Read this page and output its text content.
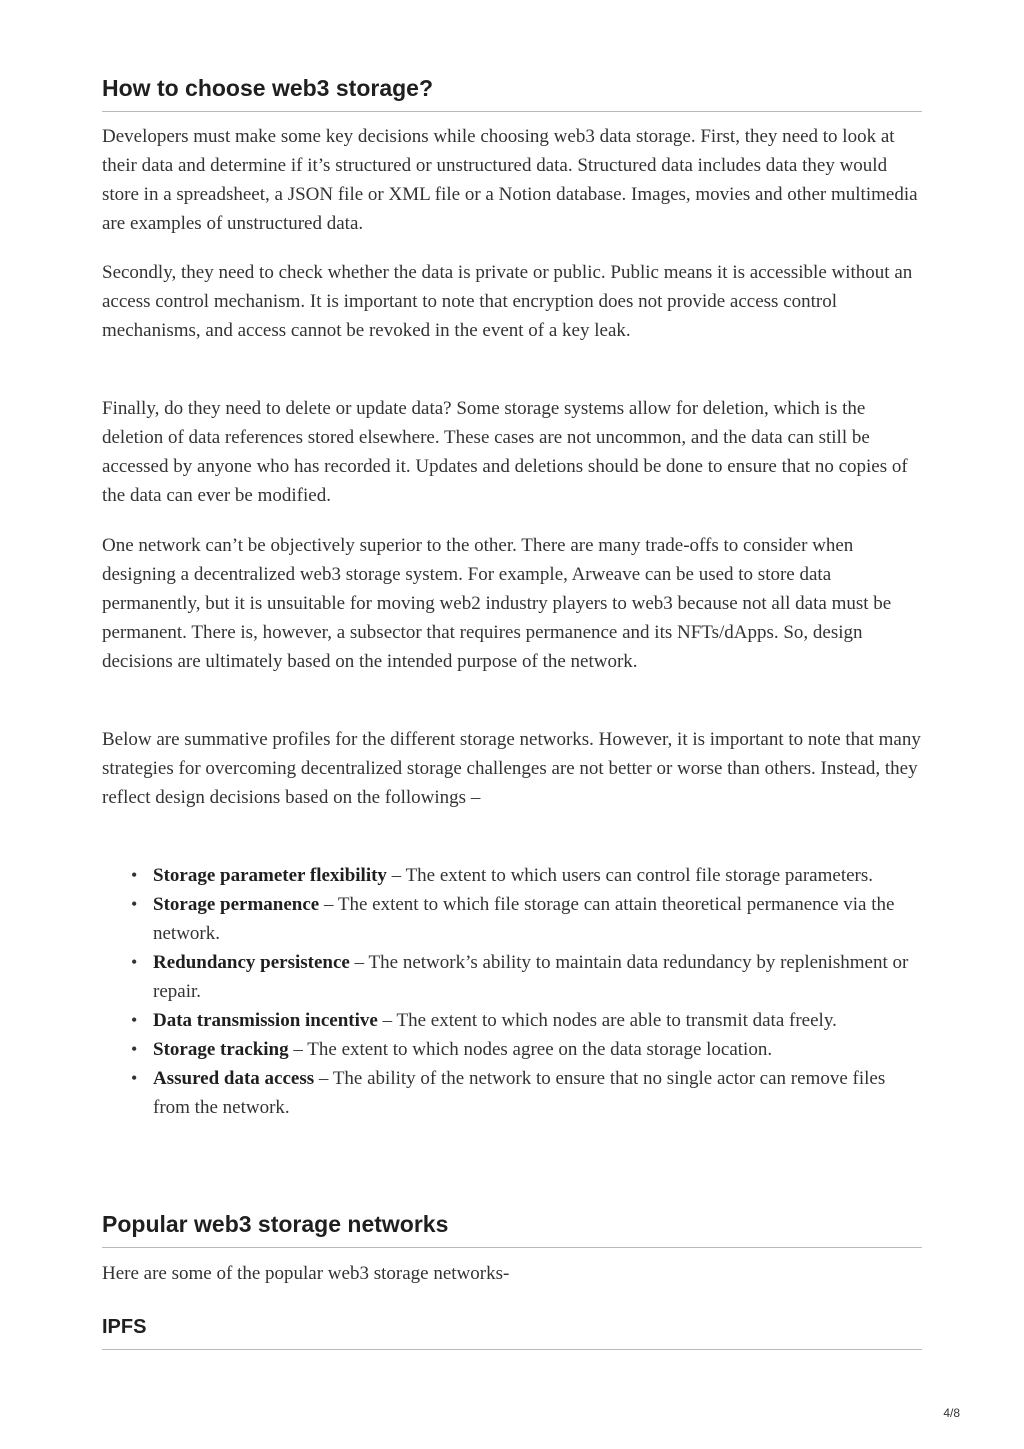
How to choose web3 storage?

Developers must make some key decisions while choosing web3 data storage. First, they need to look at their data and determine if it’s structured or unstructured data. Structured data includes data they would store in a spreadsheet, a JSON file or XML file or a Notion database. Images, movies and other multimedia are examples of unstructured data.

Secondly, they need to check whether the data is private or public. Public means it is accessible without an access control mechanism. It is important to note that encryption does not provide access control mechanisms, and access cannot be revoked in the event of a key leak.

Finally, do they need to delete or update data? Some storage systems allow for deletion, which is the deletion of data references stored elsewhere. These cases are not uncommon, and the data can still be accessed by anyone who has recorded it. Updates and deletions should be done to ensure that no copies of the data can ever be modified.

One network can’t be objectively superior to the other. There are many trade-offs to consider when designing a decentralized web3 storage system. For example, Arweave can be used to store data permanently, but it is unsuitable for moving web2 industry players to web3 because not all data must be permanent. There is, however, a subsector that requires permanence and its NFTs/dApps. So, design decisions are ultimately based on the intended purpose of the network.

Below are summative profiles for the different storage networks. However, it is important to note that many strategies for overcoming decentralized storage challenges are not better or worse than others. Instead, they reflect design decisions based on the followings –

• Storage parameter flexibility – The extent to which users can control file storage parameters.
• Storage permanence – The extent to which file storage can attain theoretical permanence via the network.
• Redundancy persistence – The network’s ability to maintain data redundancy by replenishment or repair.
• Data transmission incentive – The extent to which nodes are able to transmit data freely.
• Storage tracking – The extent to which nodes agree on the data storage location.
• Assured data access – The ability of the network to ensure that no single actor can remove files from the network.
Popular web3 storage networks

Here are some of the popular web3 storage networks-

IPFS
4/8
